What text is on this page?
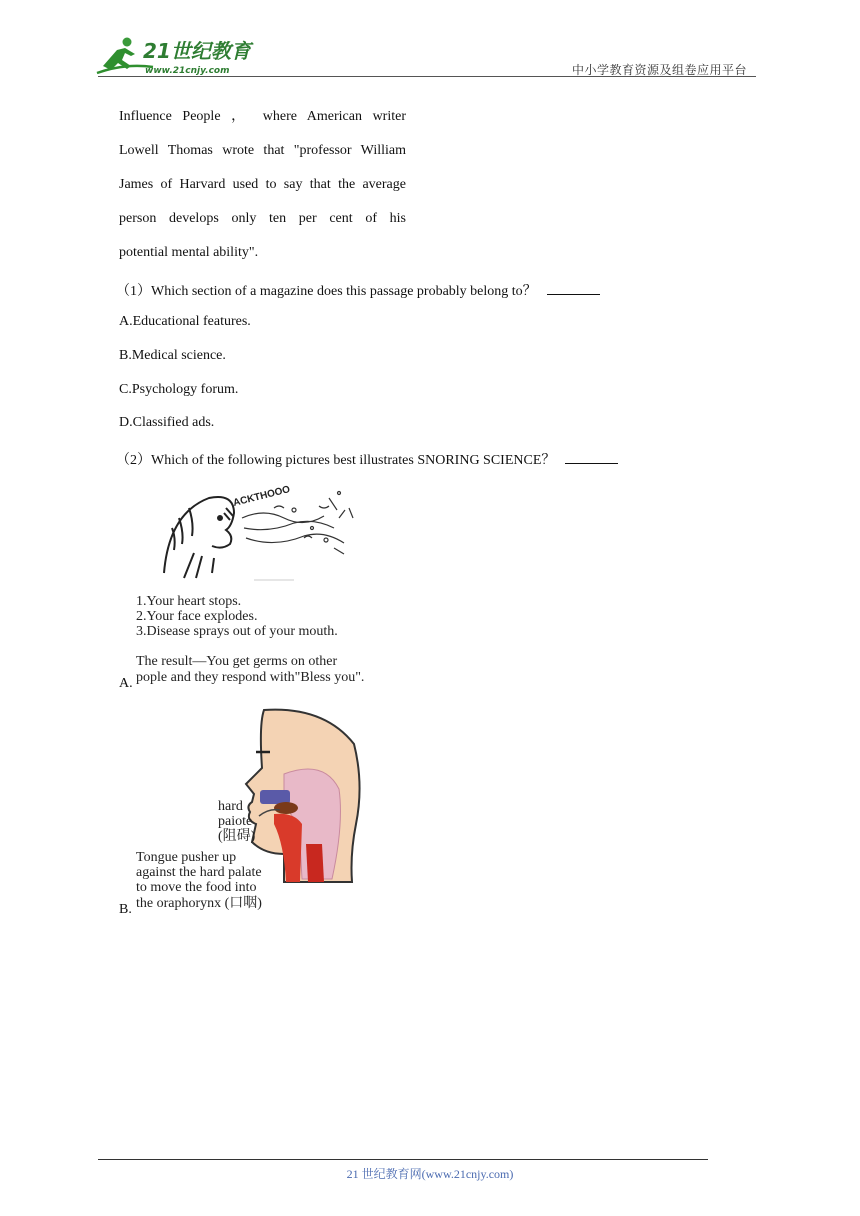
21世纪教育
www.21cnjy.com	中小学教育资源及组卷应用平台
Influence People ， where American writer
Lowell Thomas wrote that "professor William
James of Harvard used to say that the average
person develops only ten per cent of his
potential mental ability".
（1）Which section of a magazine does this passage probably belong to？
A.Educational features.
B.Medical science.
C.Psychology forum.
D.Classified ads.
（2）Which of the following pictures best illustrates SNORING SCIENCE？
A.
ACKTHOOO
1.Your heart stops.
2.Your face explodes.
3.Disease sprays out of your mouth.
The result—You get germs on other
pople and they respond with"Bless you".
B.
hard
paiote
(阻碍)
Tongue pusher up
against the hard palate
to move the food into
the oraphorynx (口咽)
21 世纪教育网(www.21cnjy.com)
